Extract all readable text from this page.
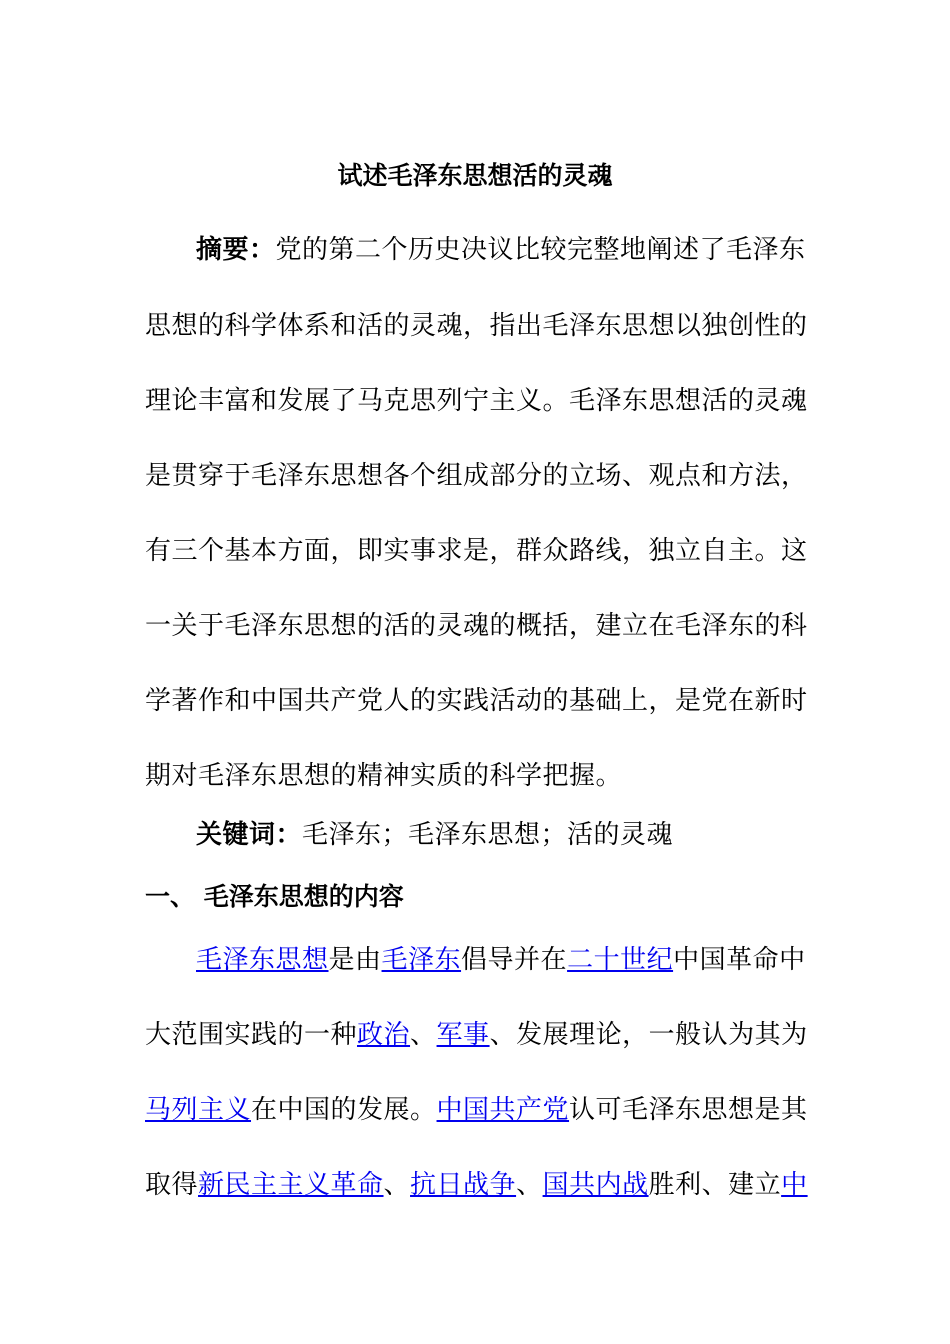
试述毛泽东思想活的灵魂
摘要：党的第二个历史决议比较完整地阐述了毛泽东
思想的科学体系和活的灵魂，指出毛泽东思想以独创性的
理论丰富和发展了马克思列宁主义。毛泽东思想活的灵魂
是贯穿于毛泽东思想各个组成部分的立场、观点和方法，
有三个基本方面，即实事求是，群众路线，独立自主。这
一关于毛泽东思想的活的灵魂的概括，建立在毛泽东的科
学著作和中国共产党人的实践活动的基础上，是党在新时
期对毛泽东思想的精神实质的科学把握。
关键词：毛泽东；毛泽东思想；活的灵魂
一、 毛泽东思想的内容
毛泽东思想是由毛泽东倡导并在二十世纪中国革命中
大范围实践的一种政治、军事、发展理论，一般认为其为
马列主义在中国的发展。中国共产党认可毛泽东思想是其
取得新民主主义革命、抗日战争、国共内战胜利、建立中
